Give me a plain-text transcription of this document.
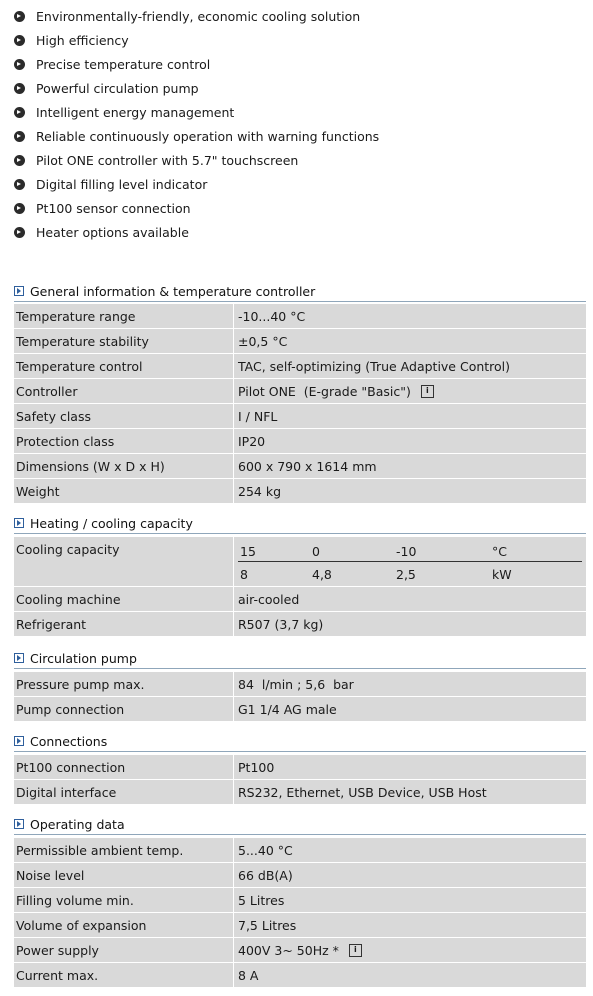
Environmentally-friendly, economic cooling solution
High efficiency
Precise temperature control
Powerful circulation pump
Intelligent energy management
Reliable continuously operation with warning functions
Pilot ONE controller with 5.7" touchscreen
Digital filling level indicator
Pt100 sensor connection
Heater options available
General information & temperature controller
Temperature range	-10...40 °C
Temperature stability	±0,5 °C
Temperature control	TAC, self-optimizing (True Adaptive Control)
Controller	Pilot ONE  (E-grade "Basic")	i
Safety class	I / NFL
Protection class	IP20
Dimensions (W x D x H)	600 x 790 x 1614 mm
Weight	254 kg
Heating / cooling capacity
Cooling capacity	15	0	-10	°C
8	4,8	2,5	kW
Cooling machine	air-cooled
Refrigerant	R507 (3,7 kg)
Circulation pump
Pressure pump max.	84  l/min ; 5,6  bar
Pump connection	G1 1/4 AG male
Connections
Pt100 connection	Pt100
Digital interface	RS232, Ethernet, USB Device, USB Host
Operating data
Permissible ambient temp.	5...40 °C
Noise level	66 dB(A)
Filling volume min.	5 Litres
Volume of expansion	7,5 Litres
Power supply	400V 3~ 50Hz *	i
Current max.	8 A
